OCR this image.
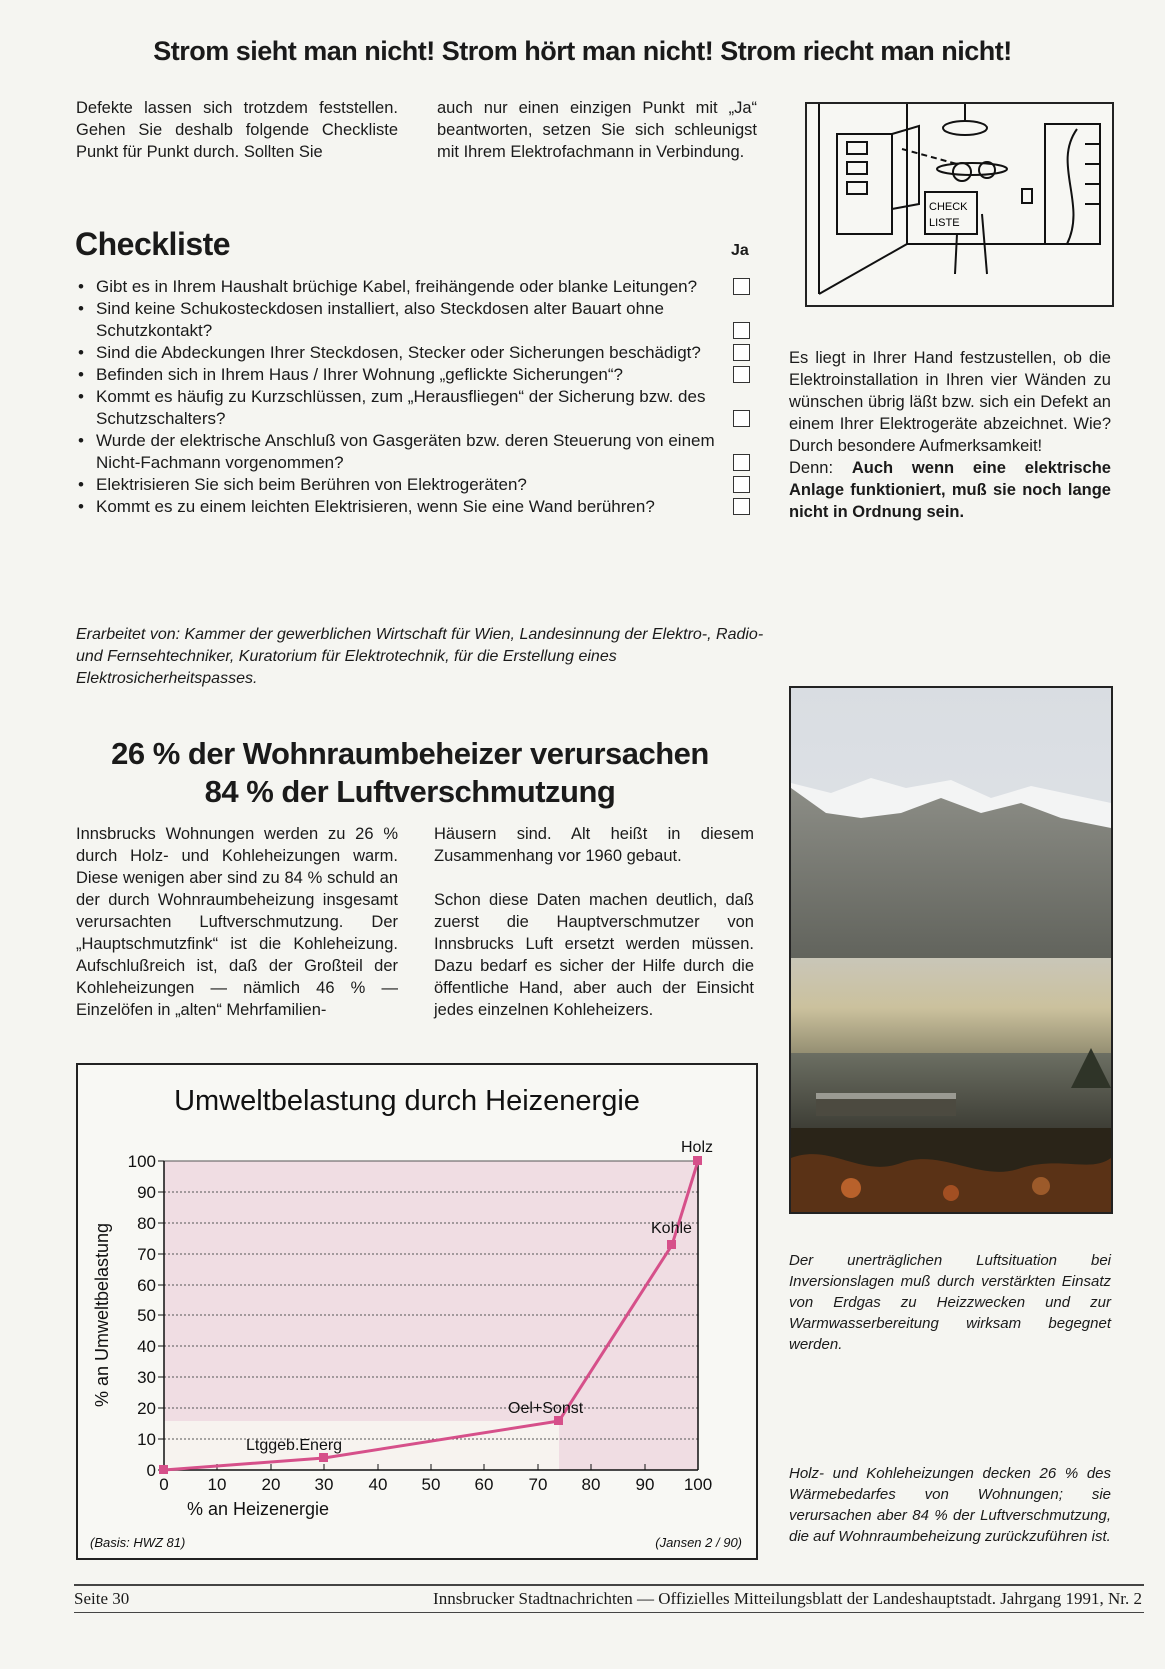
Strom sieht man nicht! Strom hört man nicht! Strom riecht man nicht!
Defekte lassen sich trotzdem feststellen. Gehen Sie deshalb folgende Checkliste Punkt für Punkt durch. Sollten Sie
auch nur einen einzigen Punkt mit „Ja“ beantworten, setzen Sie sich schleunigst mit Ihrem Elektrofachmann in Verbindung.
CHECK
LISTE
Checkliste	Ja
• Gibt es in Ihrem Haushalt brüchige Kabel, freihängende oder blanke Leitungen?
• Sind keine Schukosteckdosen installiert, also Steckdosen alter Bauart ohne Schutzkontakt?
• Sind die Abdeckungen Ihrer Steckdosen, Stecker oder Sicherungen beschädigt?
• Befinden sich in Ihrem Haus / Ihrer Wohnung „geflickte Sicherungen“?
• Kommt es häufig zu Kurzschlüssen, zum „Herausfliegen“ der Sicherung bzw. des Schutzschalters?
• Wurde der elektrische Anschluß von Gasgeräten bzw. deren Steuerung von einem Nicht-Fachmann vorgenommen?
• Elektrisieren Sie sich beim Berühren von Elektrogeräten?
• Kommt es zu einem leichten Elektrisieren, wenn Sie eine Wand berühren?
Erarbeitet von: Kammer der gewerblichen Wirtschaft für Wien, Landesinnung der Elektro-, Radio- und Fernsehtechniker, Kuratorium für Elektrotechnik, für die Erstellung eines Elektrosicherheitspasses.
Es liegt in Ihrer Hand festzustellen, ob die Elektroinstallation in Ihren vier Wänden zu wünschen übrig läßt bzw. sich ein Defekt an einem Ihrer Elektrogeräte abzeichnet. Wie? Durch besondere Aufmerksamkeit!
Denn: Auch wenn eine elektrische Anlage funktioniert, muß sie noch lange nicht in Ordnung sein.
26 % der Wohnraumbeheizer verursachen
84 % der Luftverschmutzung
Innsbrucks Wohnungen werden zu 26 % durch Holz- und Kohleheizungen warm. Diese wenigen aber sind zu 84 % schuld an der durch Wohnraumbeheizung insgesamt verursachten Luftverschmutzung. Der „Hauptschmutzfink“ ist die Kohleheizung. Aufschlußreich ist, daß der Großteil der Kohleheizungen — nämlich 46 % — Einzelöfen in „alten“ Mehrfamilien-
Häusern sind. Alt heißt in diesem Zusammenhang vor 1960 gebaut.
Schon diese Daten machen deutlich, daß zuerst die Hauptverschmutzer von Innsbrucks Luft ersetzt werden müssen. Dazu bedarf es sicher der Hilfe durch die öffentliche Hand, aber auch der Einsicht jedes einzelnen Kohleheizers.
Der unerträglichen Luftsituation bei Inversionslagen muß durch verstärkten Einsatz von Erdgas zu Heizzwecken und zur Warmwasserbereitung wirksam begegnet werden.
Umweltbelastung durch Heizenergie
0
10
20
30
40
50
60
70
80
90
100
0 10 20 30 40 50 60 70 80 90 100
% an Heizenergie
% an Umweltbelastung
Ltggeb.Energ
Oel+Sonst
Kohle
Holz
(Basis: HWZ 81)	(Jansen 2 / 90)
Holz- und Kohleheizungen decken 26 % des Wärmebedarfes von Wohnungen; sie verursachen aber 84 % der Luftverschmutzung, die auf Wohnraumbeheizung zurückzuführen ist.
Seite 30	Innsbrucker Stadtnachrichten — Offizielles Mitteilungsblatt der Landeshauptstadt. Jahrgang 1991, Nr. 2
